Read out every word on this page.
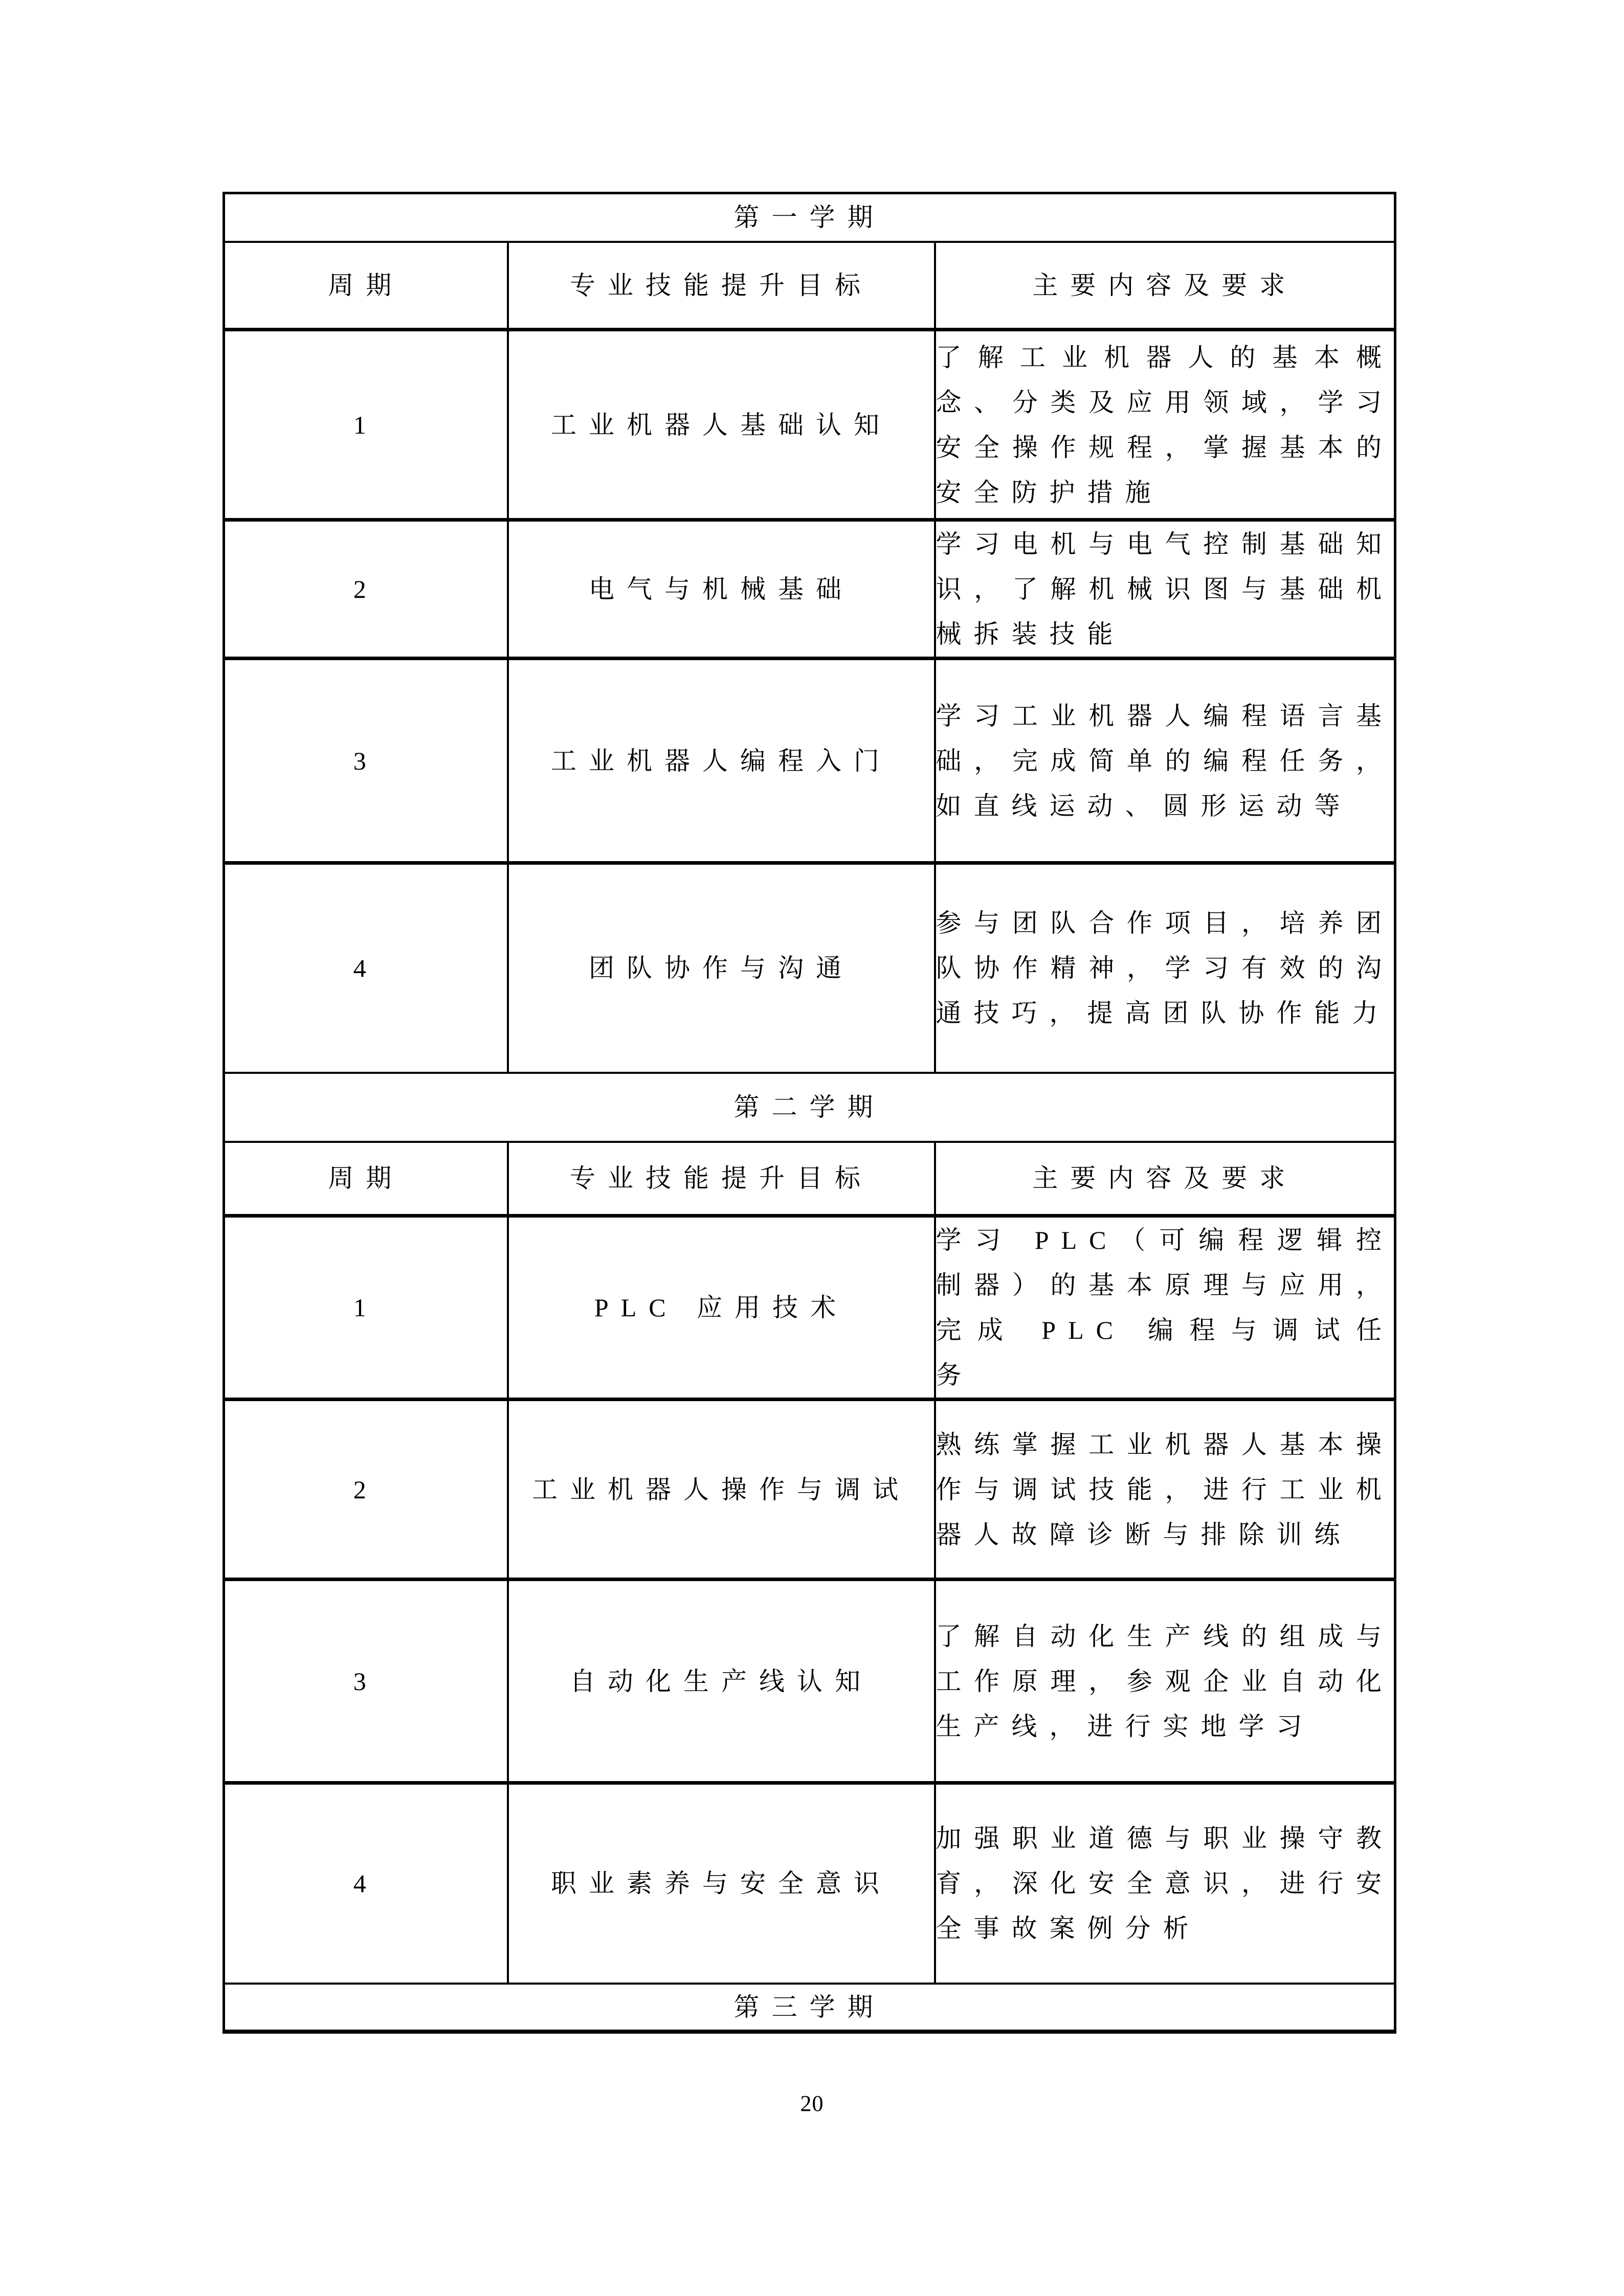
第一学期		
周期	专业技能提升目标	主要内容及要求
1	工业机器人基础认知	了解工业机器人的基本概念、分类及应用领域，学习安全操作规程，掌握基本的安全防护措施
2	电气与机械基础	学习电机与电气控制基础知识，了解机械识图与基础机械拆装技能
3	工业机器人编程入门	学习工业机器人编程语言基础，完成简单的编程任务，如直线运动、圆形运动等
4	团队协作与沟通	参与团队合作项目，培养团队协作精神，学习有效的沟通技巧，提高团队协作能力
第二学期		
周期	专业技能提升目标	主要内容及要求
1	PLC 应用技术	学习 PLC（可编程逻辑控制器）的基本原理与应用，完成 PLC 编程与调试任务
2	工业机器人操作与调试	熟练掌握工业机器人基本操作与调试技能，进行工业机器人故障诊断与排除训练
3	自动化生产线认知	了解自动化生产线的组成与工作原理，参观企业自动化生产线，进行实地学习
4	职业素养与安全意识	加强职业道德与职业操守教育，深化安全意识，进行安全事故案例分析
第三学期		
20
